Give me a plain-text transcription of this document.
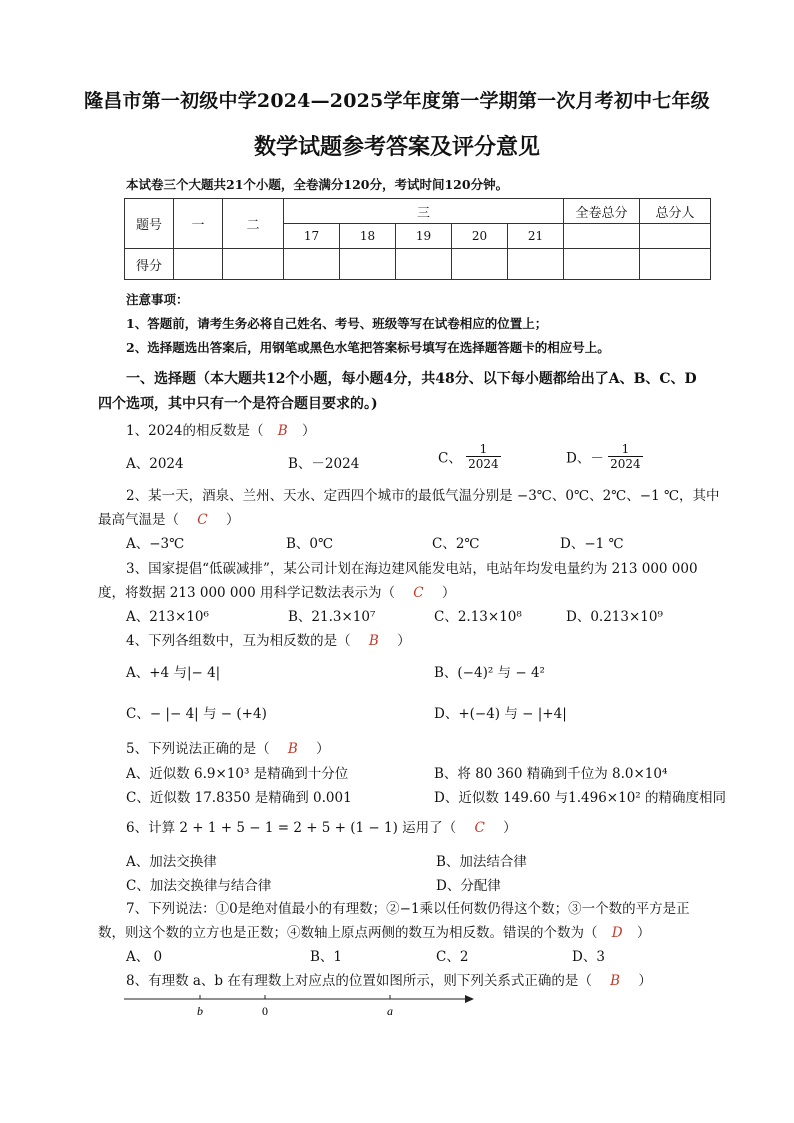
隆昌市第一初级中学2024—2025学年度第一学期第一次月考初中七年级
数学试题参考答案及评分意见
本试卷三个大题共21个小题，全卷满分120分，考试时间120分钟。
题号	一	二	三					全卷总分	总分人
			17	18	19	20	21		
得分									
注意事项：
1、答题前，请考生务必将自己姓名、考号、班级等写在试卷相应的位置上；
2、选择题选出答案后，用钢笔或黑色水笔把答案标号填写在选择题答题卡的相应号上。
一、选择题（本大题共12个小题，每小题4分，共48分、以下每小题都给出了A、B、C、D
四个选项，其中只有一个是符合题目要求的。)
1、2024的相反数是（ B ）
A、2024	B、－2024	C、 $\frac{1}{2024}$	D、－ $\frac{1}{2024}$
2、某一天，酒泉、兰州、天水、定西四个城市的最低气温分别是 −3℃、0℃、2℃、−1 ℃，其中
最高气温是（ C ）
A、−3℃	B、0℃	C、2℃	D、−1 ℃
3、国家提倡“低碳减排”，某公司计划在海边建风能发电站，电站年均发电量约为 213 000 000
度，将数据 213 000 000 用科学记数法表示为（ C ）
A、213×10⁶	B、21.3×10⁷	C、2.13×10⁸	D、0.213×10⁹
4、下列各组数中，互为相反数的是（ B ）
A、+4 与|− 4|	B、(−4)² 与 − 4²
C、− |− 4| 与 − (+4)	D、+(−4) 与 − |+4|
5、下列说法正确的是（ B ）
A、近似数 6.9×10³ 是精确到十分位	B、将 80 360 精确到千位为 8.0×10⁴
C、近似数 17.8350 是精确到 0.001	D、近似数 149.60 与1.496×10² 的精确度相同
6、计算 2 + 1 + 5 − 1 = 2 + 5 + (1 − 1) 运用了（ C ）
A、加法交换律	B、加法结合律
C、加法交换律与结合律	D、分配律
7、下列说法：①0是绝对值最小的有理数；②−1乘以任何数仍得这个数；③一个数的平方是正
数，则这个数的立方也是正数；④数轴上原点两侧的数互为相反数。错误的个数为（ D ）
A、 0	B、1	C、2	D、3
8、有理数 a、b 在有理数上对应点的位置如图所示，则下列关系式正确的是（ B ）
b	0	a
